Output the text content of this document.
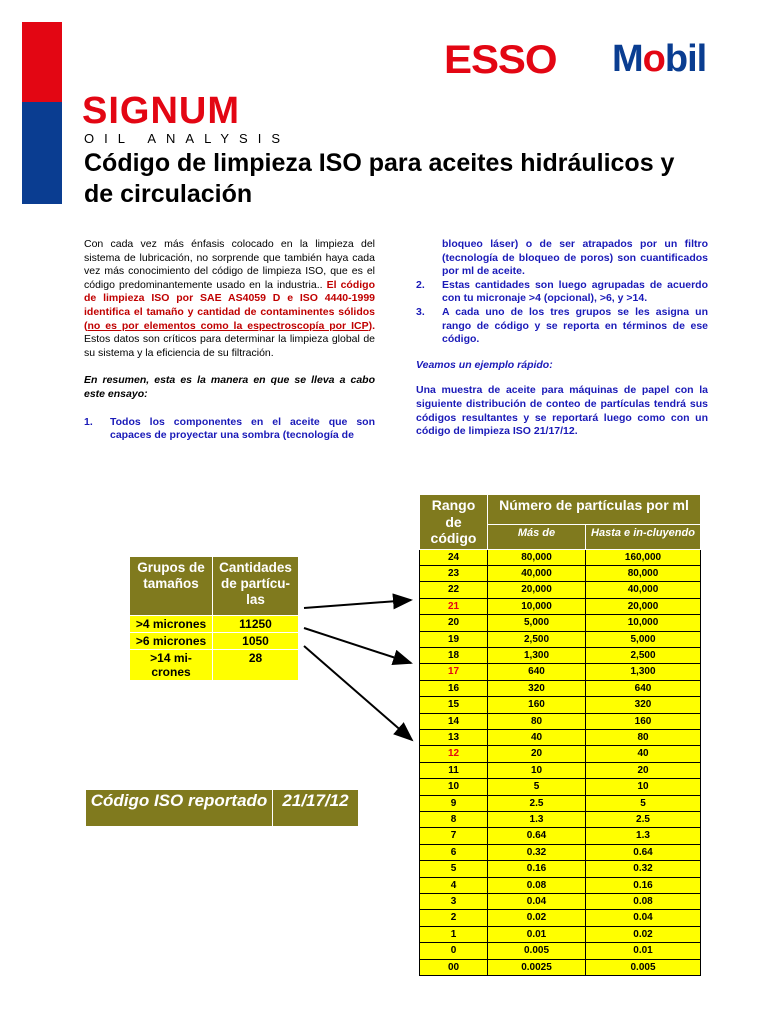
ESSO Mobil
SIGNUM
OIL ANALYSIS
Código de limpieza ISO para aceites hidráulicos y de circulación

Con cada vez más énfasis colocado en la limpieza del sistema de lubricación, no sorprende que también haya cada vez más conocimiento del código de limpieza ISO, que es el código predominantemente usado en la industria.. El código de limpieza ISO por SAE AS4059 D e ISO 4440-1999 identifica el tamaño y cantidad de contaminentes sólidos (no es por elementos como la espectroscopía por ICP). Estos datos son críticos para determinar la limpieza global de su sistema y la eficiencia de su filtración.

En resumen, esta es la manera en que se lleva a cabo este ensayo:

1.	Todos los componentes en el aceite que son capaces de proyectar una sombra (tecnología de
bloqueo láser) o de ser atrapados por un filtro (tecnología de bloqueo de poros) son cuantificados por ml de aceite.
2.	Estas cantidades son luego agrupadas de acuerdo con tu micronaje >4 (opcional), >6, y >14.
3.	A cada uno de los tres grupos se les asigna un rango de código y se reporta en términos de ese código.

Veamos un ejemplo rápido:

Una muestra de aceite para máquinas de papel con la siguiente distribución de conteo de partículas tendrá sus códigos resultantes y se reportará luego como con un código de limpieza ISO 21/17/12.

Grupos de tamaños	Cantidades de partícu-las
>4 micrones	11250
>6 micrones	1050
>14 mi-crones	28
Código ISO reportado	21/17/12
Rango de código	Número de partículas por ml	
	Más de	Hasta e in-cluyendo
24	80,000	160,000
23	40,000	80,000
22	20,000	40,000
21	10,000	20,000
20	5,000	10,000
19	2,500	5,000
18	1,300	2,500
17	640	1,300
16	320	640
15	160	320
14	80	160
13	40	80
12	20	40
11	10	20
10	5	10
9	2.5	5
8	1.3	2.5
7	0.64	1.3
6	0.32	0.64
5	0.16	0.32
4	0.08	0.16
3	0.04	0.08
2	0.02	0.04
1	0.01	0.02
0	0.005	0.01
00	0.0025	0.005
